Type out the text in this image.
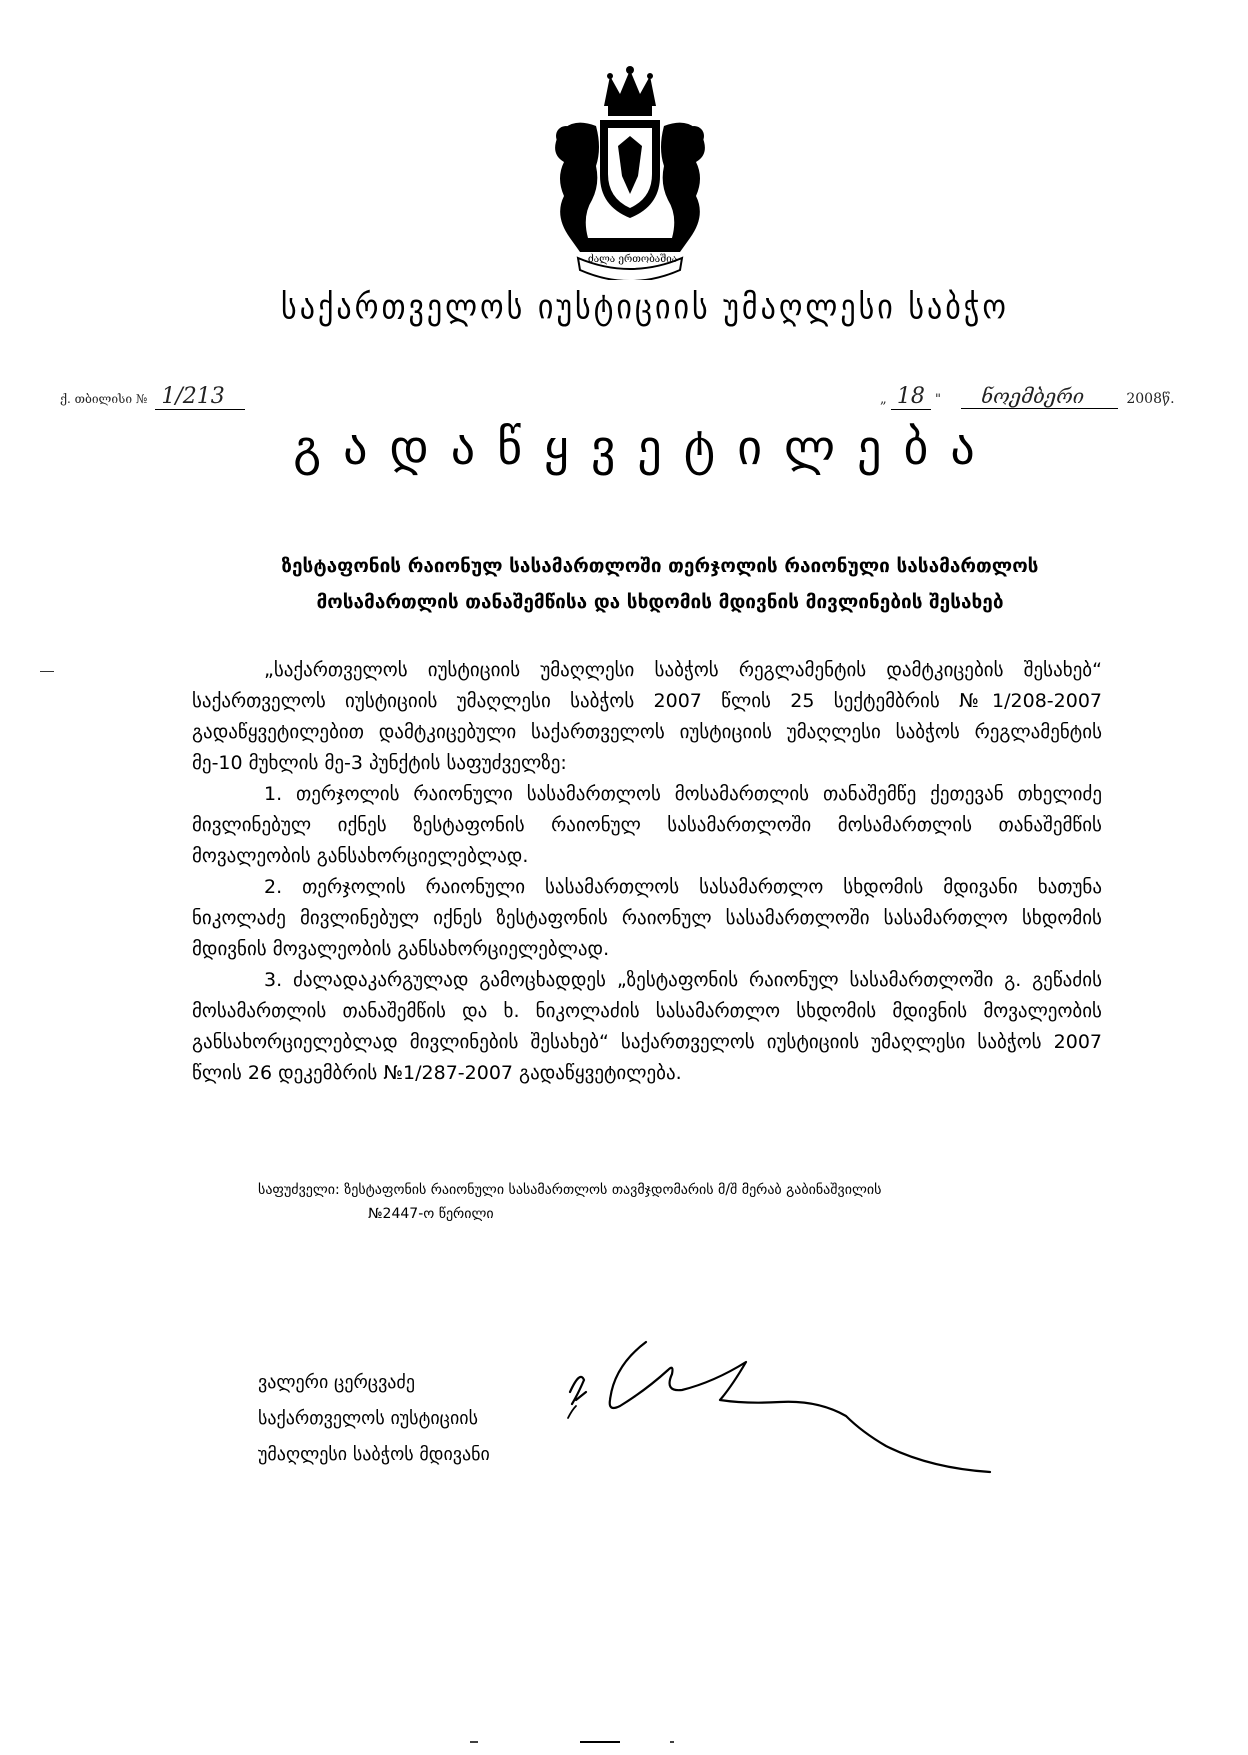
ძალა ერთობაშია
საქართველოს იუსტიციის უმაღლესი საბჭო
ქ. თბილისი № 1/213	„ 18 " ნოემბერი	2008წ.
გადაწყვეტილება
ზესტაფონის რაიონულ სასამართლოში თერჯოლის რაიონული სასამართლოს მოსამართლის თანაშემწისა და სხდომის მდივნის მივლინების შესახებ

„საქართველოს იუსტიციის უმაღლესი საბჭოს რეგლამენტის დამტკიცების შესახებ“ საქართველოს იუსტიციის უმაღლესი საბჭოს 2007 წლის 25 სექტემბრის №1/208-2007 გადაწყვეტილებით დამტკიცებული საქართველოს იუსტიციის უმაღლესი საბჭოს რეგლამენტის მე-10 მუხლის მე-3 პუნქტის საფუძველზე:

1. თერჯოლის რაიონული სასამართლოს მოსამართლის თანაშემწე ქეთევან თხელიძე მივლინებულ იქნეს ზესტაფონის რაიონულ სასამართლოში მოსამართლის თანაშემწის მოვალეობის განსახორციელებლად.

2. თერჯოლის რაიონული სასამართლოს სასამართლო სხდომის მდივანი ხათუნა ნიკოლაძე მივლინებულ იქნეს ზესტაფონის რაიონულ სასამართლოში სასამართლო სხდომის მდივნის მოვალეობის განსახორციელებლად.

3. ძალადაკარგულად გამოცხადდეს „ზესტაფონის რაიონულ სასამართლოში გ. გეწაძის მოსამართლის თანაშემწის და ხ. ნიკოლაძის სასამართლო სხდომის მდივნის მოვალეობის განსახორციელებლად მივლინების შესახებ“ საქართველოს იუსტიციის უმაღლესი საბჭოს 2007 წლის 26 დეკემბრის №1/287-2007 გადაწყვეტილება.

საფუძველი: ზესტაფონის რაიონული სასამართლოს თავმჯდომარის მ/შ მერაბ გაბინაშვილის
№2447-ო წერილი
ვალერი ცერცვაძე
საქართველოს იუსტიციის
უმაღლესი საბჭოს მდივანი
